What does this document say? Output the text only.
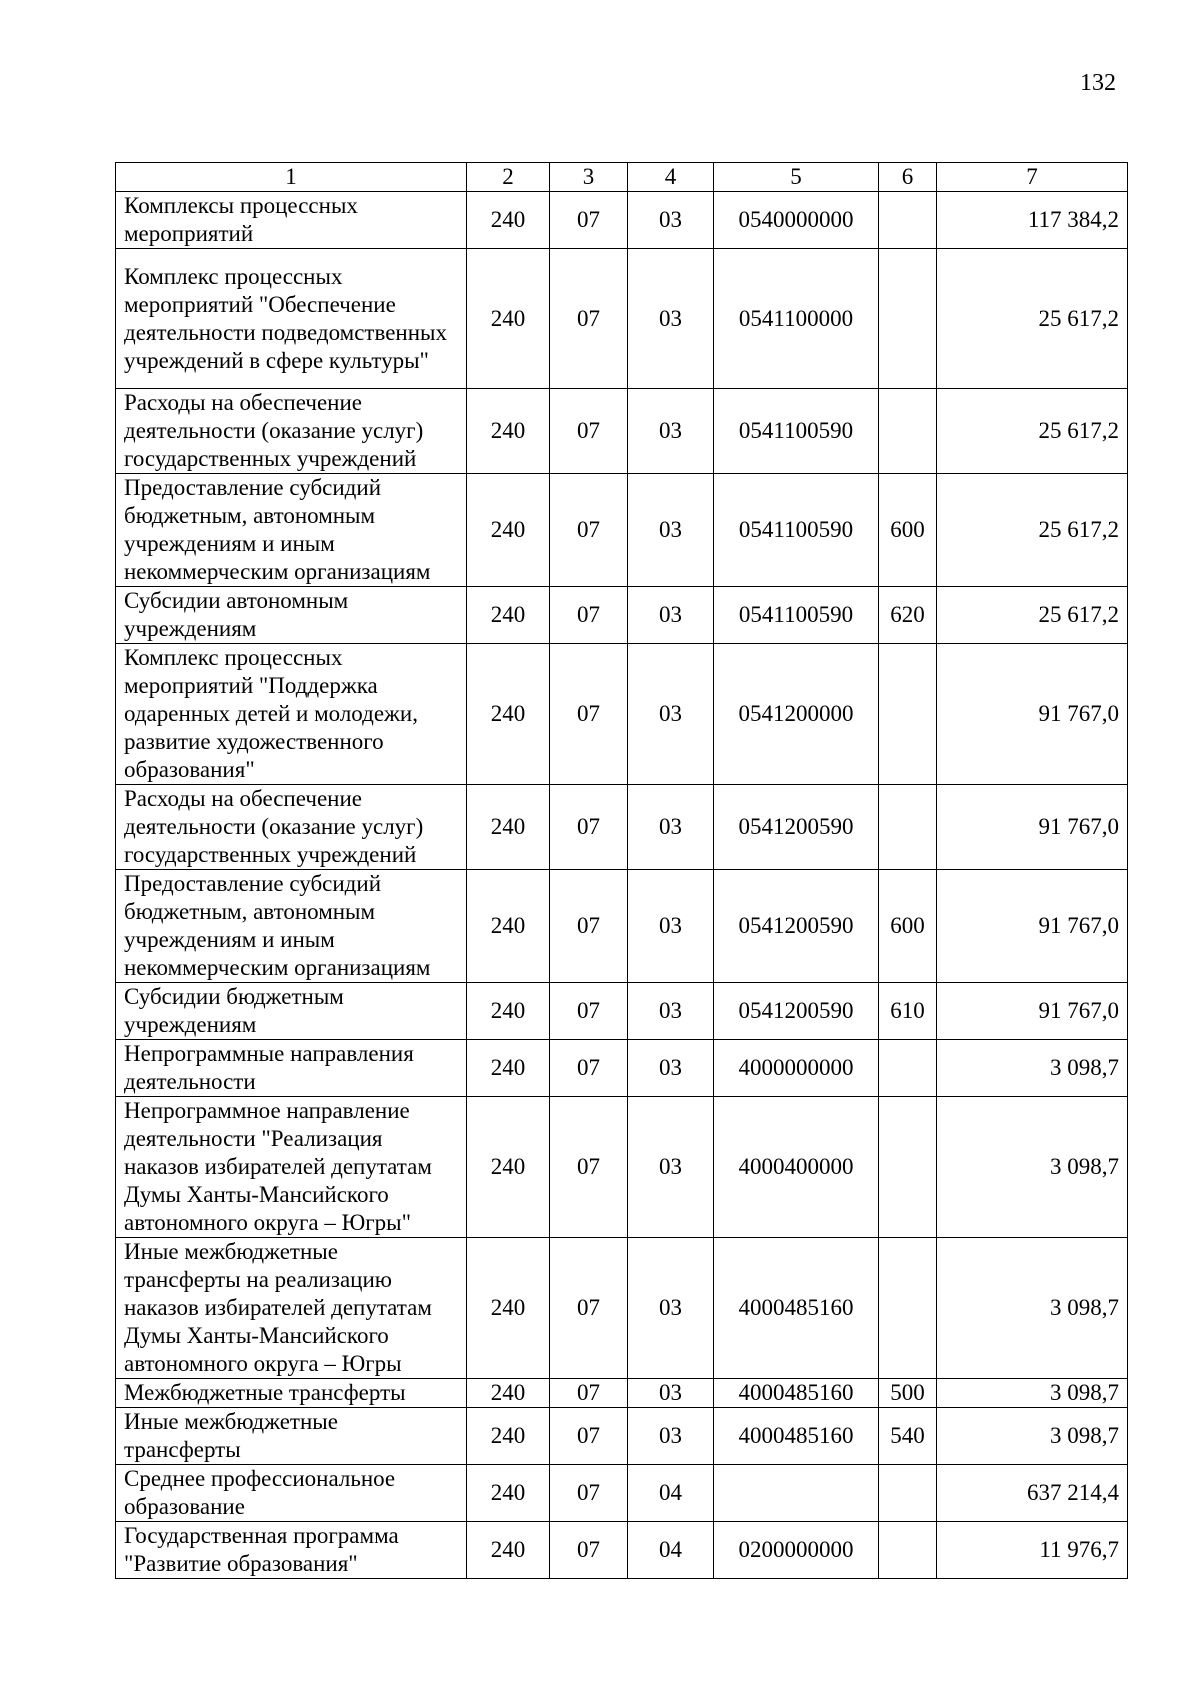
132
1	2	3	4	5	6	7
Комплексы процессных мероприятий	240	07	03	0540000000		117 384,2
Комплекс процессных мероприятий "Обеспечение деятельности подведомственных учреждений в сфере культуры"	240	07	03	0541100000		25 617,2
Расходы на обеспечение деятельности (оказание услуг) государственных учреждений	240	07	03	0541100590		25 617,2
Предоставление субсидий бюджетным, автономным учреждениям и иным некоммерческим организациям	240	07	03	0541100590	600	25 617,2
Субсидии автономным учреждениям	240	07	03	0541100590	620	25 617,2
Комплекс процессных мероприятий "Поддержка одаренных детей и молодежи, развитие художественного образования"	240	07	03	0541200000		91 767,0
Расходы на обеспечение деятельности (оказание услуг) государственных учреждений	240	07	03	0541200590		91 767,0
Предоставление субсидий бюджетным, автономным учреждениям и иным некоммерческим организациям	240	07	03	0541200590	600	91 767,0
Субсидии бюджетным учреждениям	240	07	03	0541200590	610	91 767,0
Непрограммные направления деятельности	240	07	03	4000000000		3 098,7
Непрограммное направление деятельности "Реализация наказов избирателей депутатам Думы Ханты-Мансийского автономного округа – Югры"	240	07	03	4000400000		3 098,7
Иные межбюджетные трансферты на реализацию наказов избирателей депутатам Думы Ханты-Мансийского автономного округа – Югры	240	07	03	4000485160		3 098,7
Межбюджетные трансферты	240	07	03	4000485160	500	3 098,7
Иные межбюджетные трансферты	240	07	03	4000485160	540	3 098,7
Среднее профессиональное образование	240	07	04			637 214,4
Государственная программа "Развитие образования"	240	07	04	0200000000		11 976,7
